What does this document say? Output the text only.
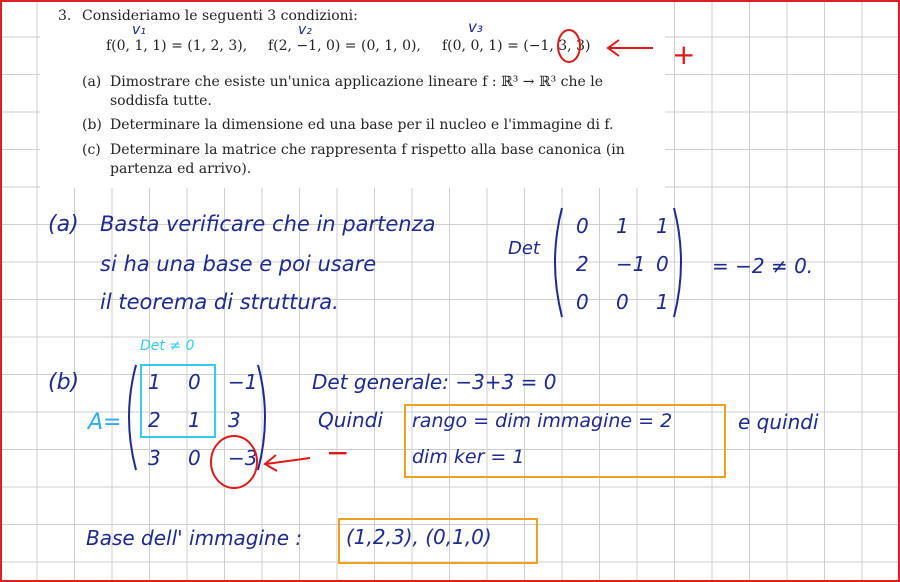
3. Consideriamo le seguenti 3 condizioni:
f(0, 1, 1) = (1, 2, 3), f(2, −1, 0) = (0, 1, 0), f(0, 0, 1) = (−1, 3, 3)
(a) Dimostrare che esiste un'unica applicazione lineare f : ℝ³ → ℝ³ che le
soddisfa tutte.
(b) Determinare la dimensione ed una base per il nucleo e l'immagine di f.
(c) Determinare la matrice che rappresenta f rispetto alla base canonica (in
partenza ed arrivo).
v₁	v₂	v₃
+
(a) Basta verificare che in partenza
si ha una base e poi usare
il teorema di struttura.
Det
0 1 1
2 −1 0
0 0 1
= −2 ≠ 0.
Det ≠ 0
(b)
A=
1 0 −1
2 1 3
3 0 −3 −
Det generale: −3+3 = 0
Quindi rango = dim immagine = 2
dim ker = 1
e quindi
Base dell' immagine : (1,2,3), (0,1,0)
